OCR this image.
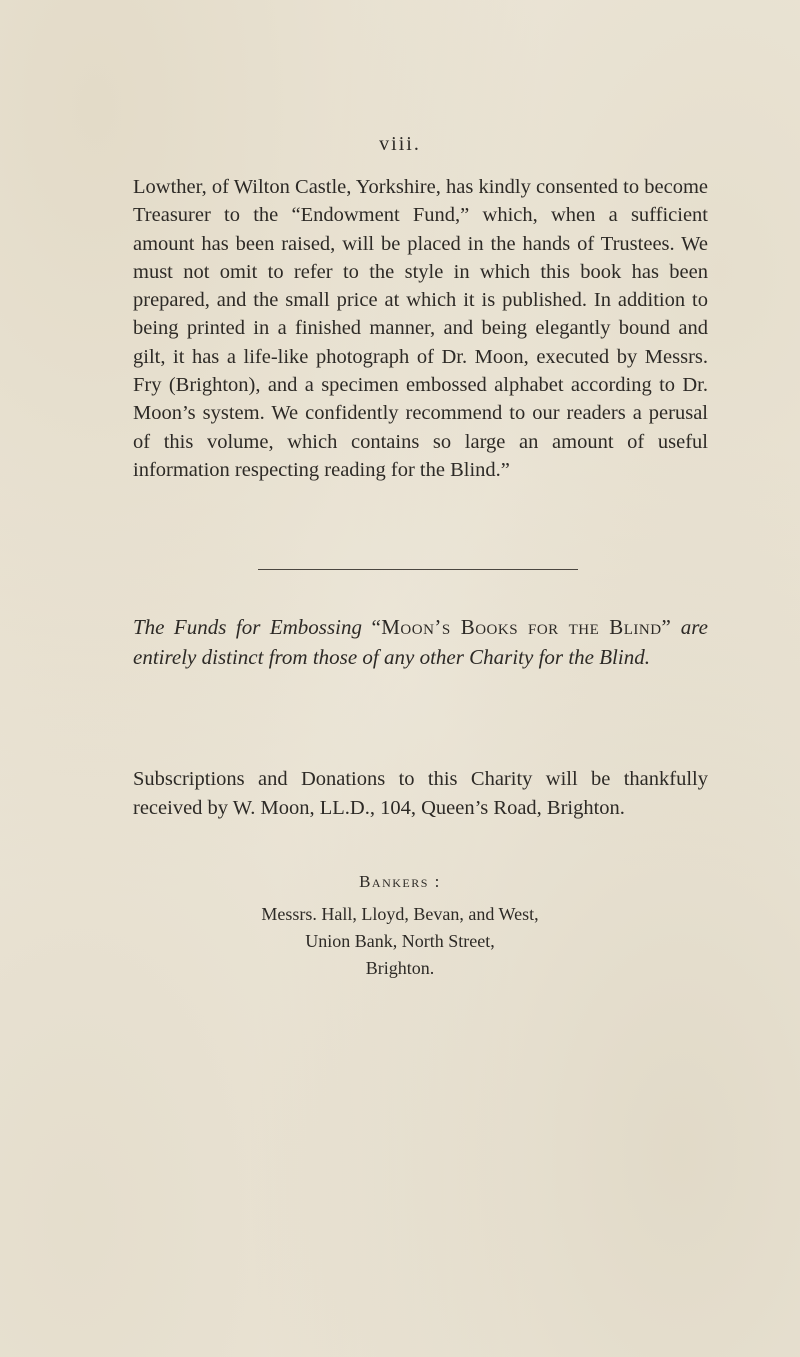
viii.

Lowther, of Wilton Castle, Yorkshire, has kindly consented to become Treasurer to the “Endowment Fund,” which, when a sufficient amount has been raised, will be placed in the hands of Trustees. We must not omit to refer to the style in which this book has been prepared, and the small price at which it is published. In addition to being printed in a finished manner, and being elegantly bound and gilt, it has a life-like photograph of Dr. Moon, executed by Messrs. Fry (Brighton), and a specimen embossed alphabet according to Dr. Moon’s system. We confidently recommend to our readers a perusal of this volume, which contains so large an amount of useful information respecting reading for the Blind.”

The Funds for Embossing “Moon’s Books for the Blind” are entirely distinct from those of any other Charity for the Blind.

Subscriptions and Donations to this Charity will be thankfully received by W. Moon, LL.D., 104, Queen’s Road, Brighton.

Bankers :
Messrs. Hall, Lloyd, Bevan, and West,
Union Bank, North Street,
Brighton.
